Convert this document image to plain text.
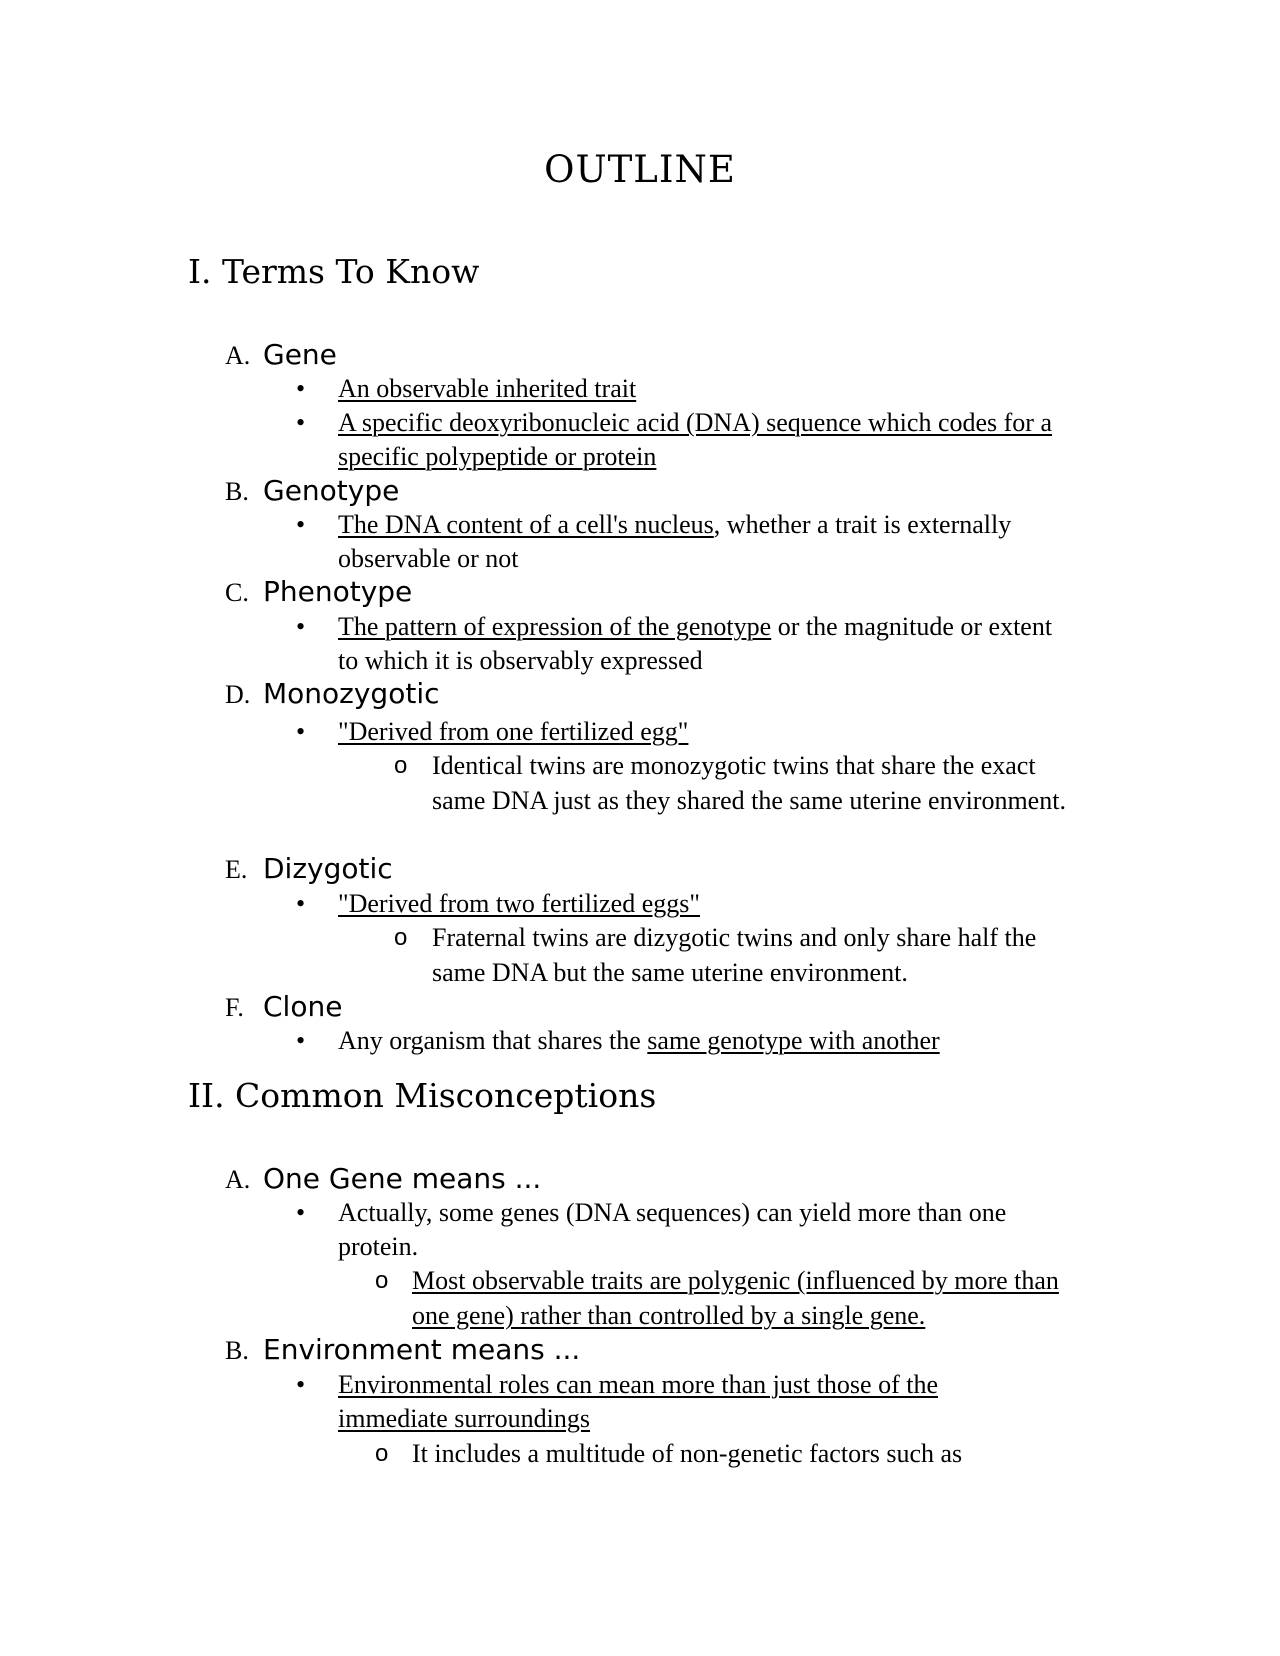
OUTLINE
I. Terms To Know
A. Gene
• An observable inherited trait
• A specific deoxyribonucleic acid (DNA) sequence which codes for a specific polypeptide or protein
B. Genotype
• The DNA content of a cell's nucleus, whether a trait is externally observable or not
C. Phenotype
• The pattern of expression of the genotype or the magnitude or extent to which it is observably expressed
D. Monozygotic
• "Derived from one fertilized egg"
o Identical twins are monozygotic twins that share the exact same DNA just as they shared the same uterine environment.
E. Dizygotic
• "Derived from two fertilized eggs"
o Fraternal twins are dizygotic twins and only share half the same DNA but the same uterine environment.
F. Clone
• Any organism that shares the same genotype with another
II. Common Misconceptions
A. One Gene means ...
• Actually, some genes (DNA sequences) can yield more than one protein.
o Most observable traits are polygenic (influenced by more than one gene) rather than controlled by a single gene.
B. Environment means ...
• Environmental roles can mean more than just those of the immediate surroundings
o It includes a multitude of non-genetic factors such as
